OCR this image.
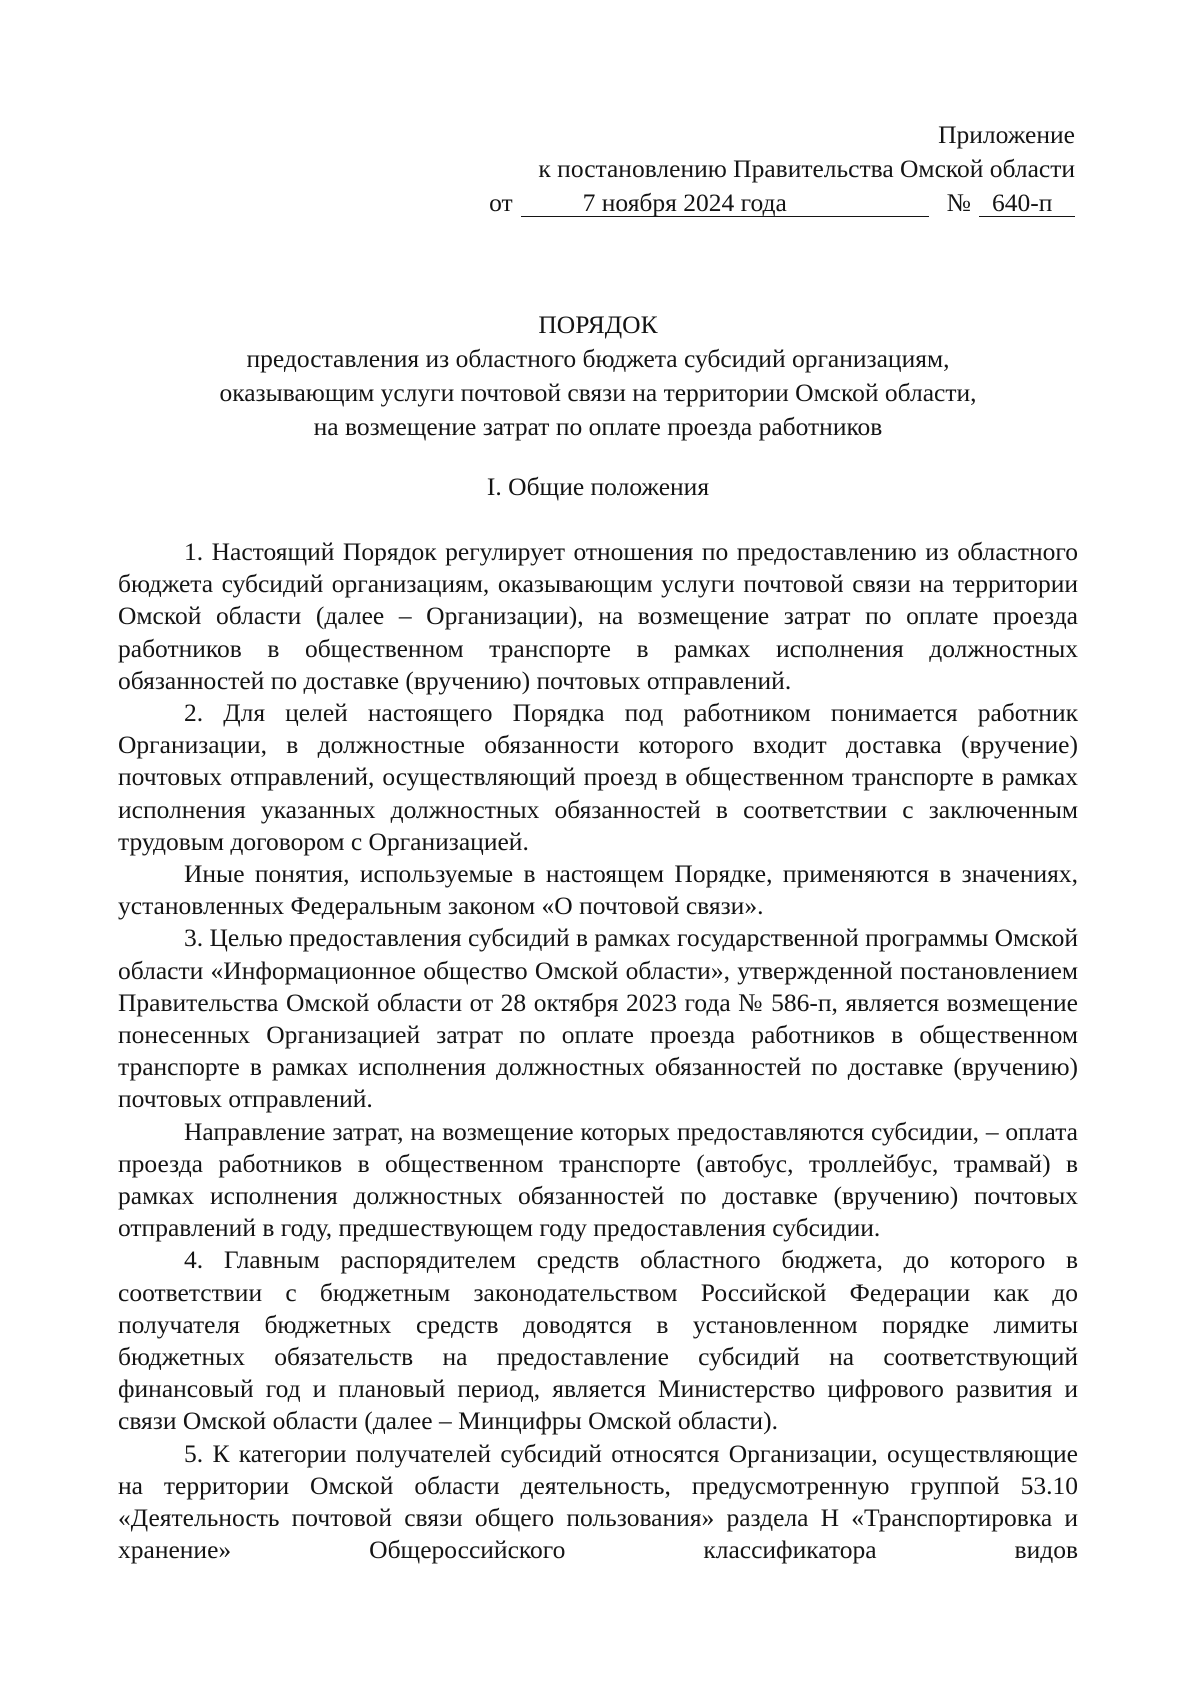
Приложение
к постановлению Правительства Омской области
от	7 ноября 2024 года	№ 640-п
ПОРЯДОК
предоставления из областного бюджета субсидий организациям,
оказывающим услуги почтовой связи на территории Омской области,
на возмещение затрат по оплате проезда работников
I. Общие положения

1. Настоящий Порядок регулирует отношения по предоставлению из областного бюджета субсидий организациям, оказывающим услуги почтовой связи на территории Омской области (далее – Организации), на возмещение затрат по оплате проезда работников в общественном транспорте в рамках исполнения должностных обязанностей по доставке (вручению) почтовых отправлений.

2. Для целей настоящего Порядка под работником понимается работник Организации, в должностные обязанности которого входит доставка (вручение) почтовых отправлений, осуществляющий проезд в общественном транспорте в рамках исполнения указанных должностных обязанностей в соответствии с заключенным трудовым договором с Организацией.

Иные понятия, используемые в настоящем Порядке, применяются в значениях, установленных Федеральным законом «О почтовой связи».

3. Целью предоставления субсидий в рамках государственной программы Омской области «Информационное общество Омской области», утвержденной постановлением Правительства Омской области от 28 октября 2023 года № 586-п, является возмещение понесенных Организацией затрат по оплате проезда работников в общественном транспорте в рамках исполнения должностных обязанностей по доставке (вручению) почтовых отправлений.

Направление затрат, на возмещение которых предоставляются субсидии, – оплата проезда работников в общественном транспорте (автобус, троллейбус, трамвай) в рамках исполнения должностных обязанностей по доставке (вручению) почтовых отправлений в году, предшествующем году предоставления субсидии.

4. Главным распорядителем средств областного бюджета, до которого в соответствии с бюджетным законодательством Российской Федерации как до получателя бюджетных средств доводятся в установленном порядке лимиты бюджетных обязательств на предоставление субсидий на соответствующий финансовый год и плановый период, является Министерство цифрового развития и связи Омской области (далее – Минцифры Омской области).

5. К категории получателей субсидий относятся Организации, осуществляющие на территории Омской области деятельность, предусмотренную группой 53.10 «Деятельность почтовой связи общего пользования» раздела H «Транспортировка и хранение» Общероссийского классификатора видов
